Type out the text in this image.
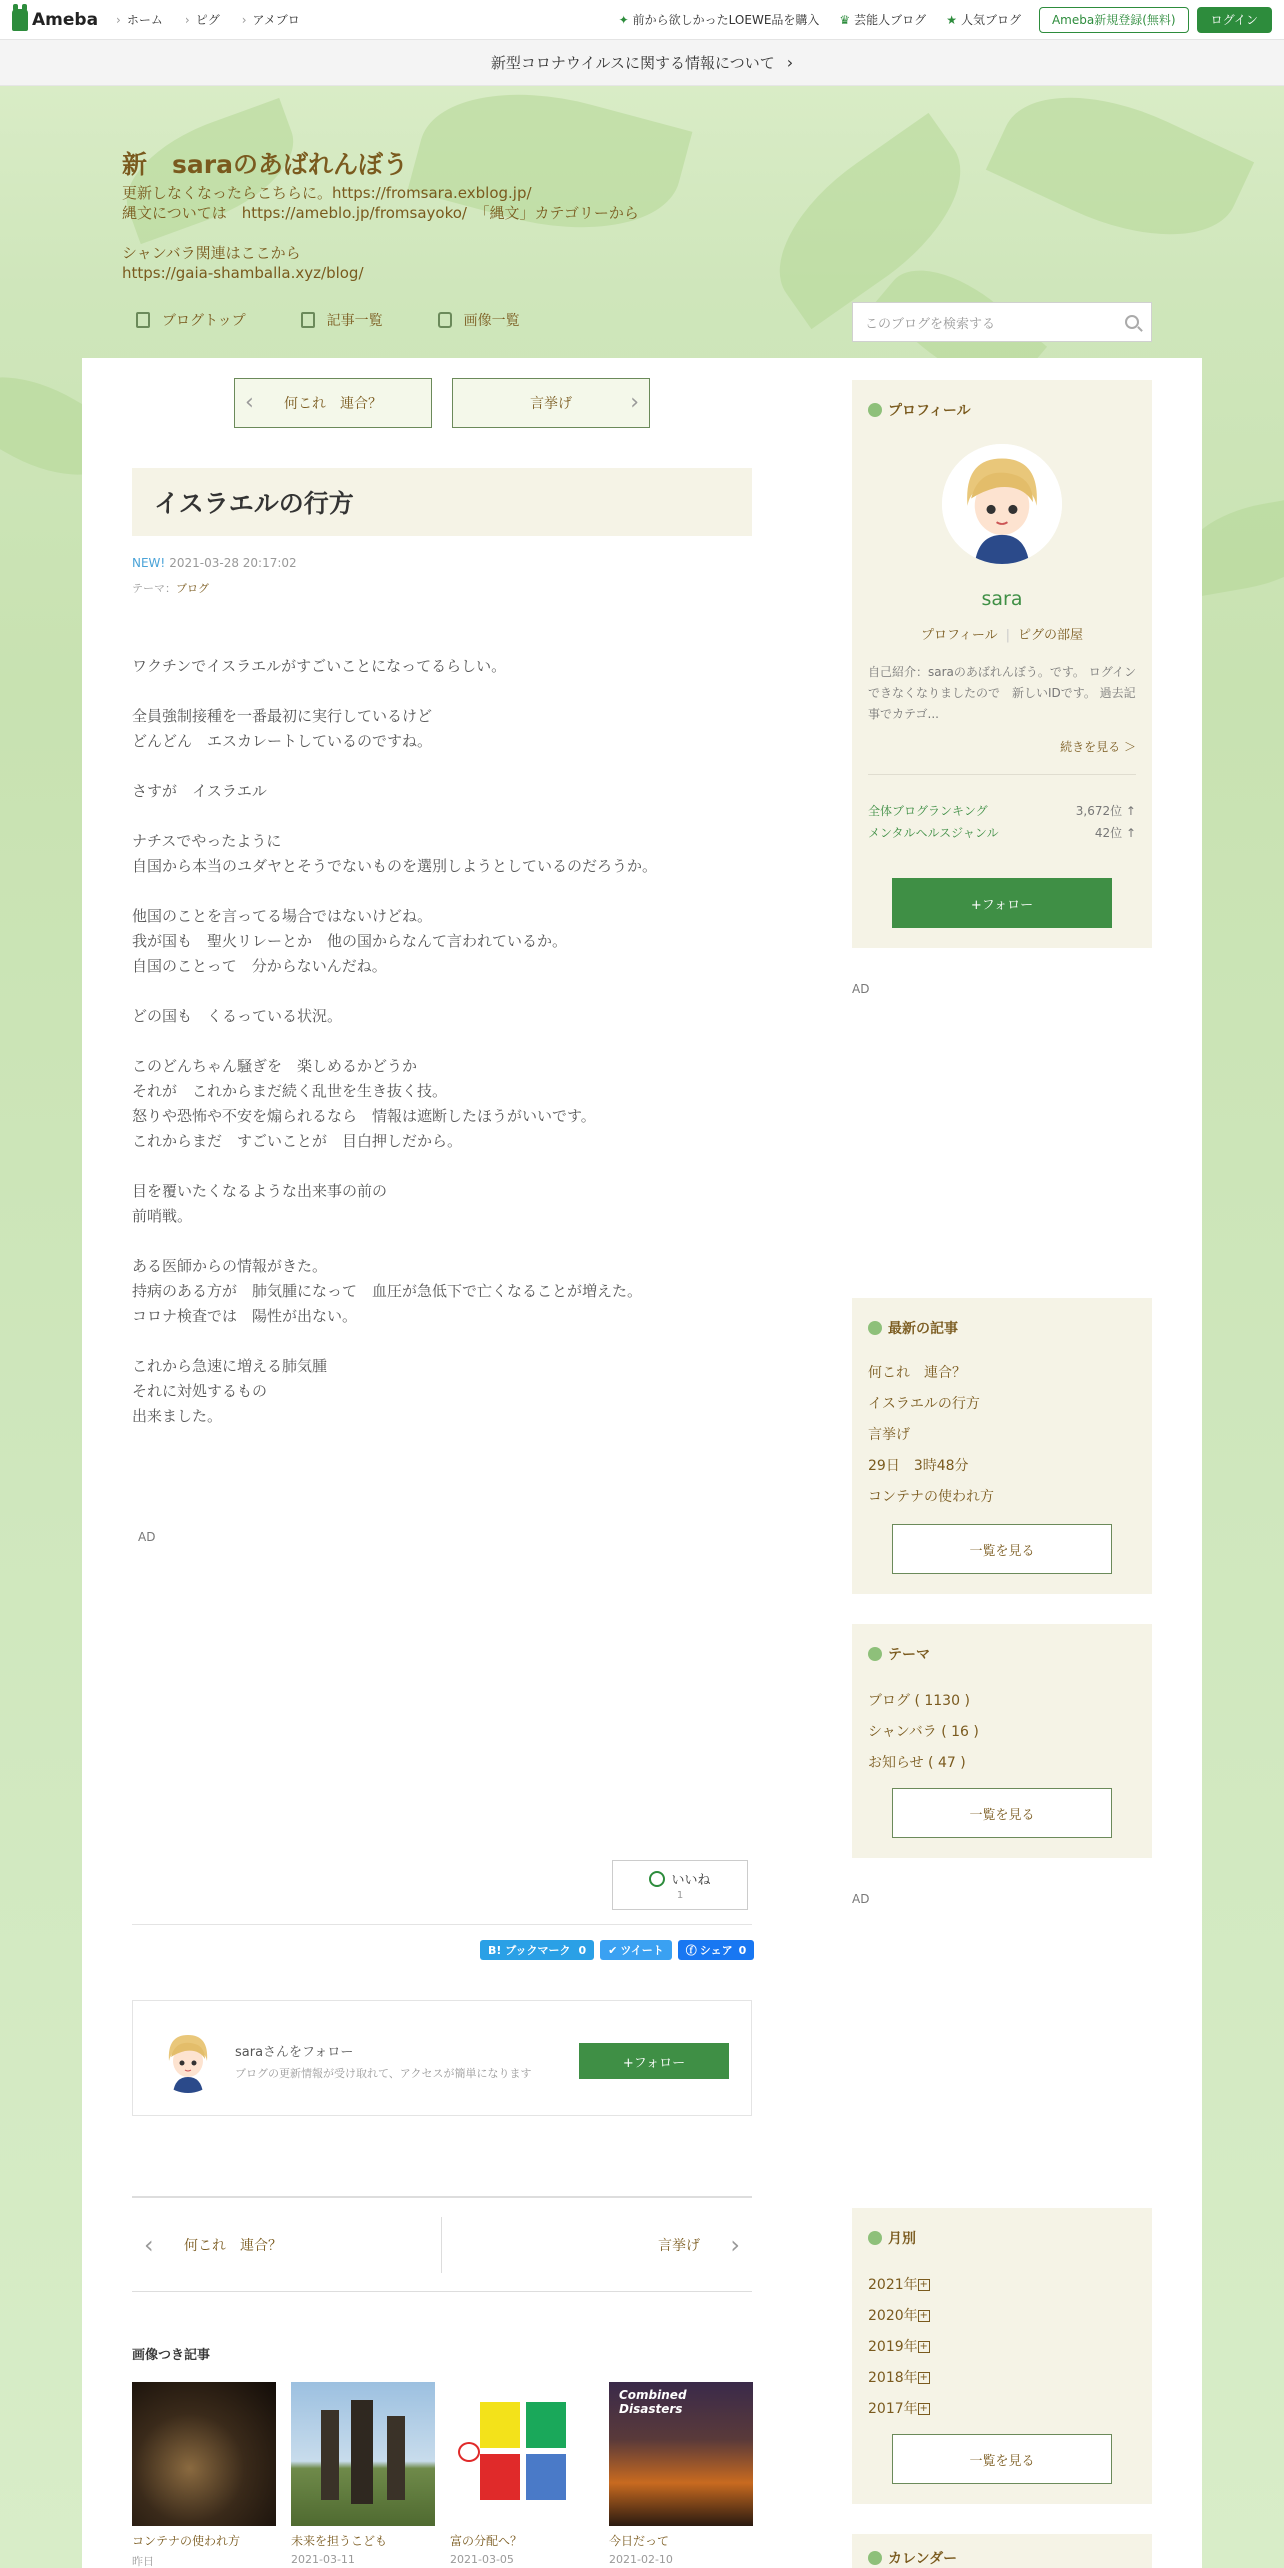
Ameba	› ホーム	› ピグ	› アメブロ	✦ 前から欲しかったLOEWE品を購入 ♛ 芸能人ブログ ★ 人気ブログ	Ameba新規登録(無料)	ログイン
新型コロナウイルスに関する情報について ›
新　saraのあばれんぼう
更新しなくなったらこちらに。https://fromsara.exblog.jp/
縄文については　https://ameblo.jp/fromsayoko/　「縄文」カテゴリーから

シャンバラ関連はここから
https://gaia-shamballa.xyz/blog/
ブログトップ	記事一覧	画像一覧	このブログを検索する
‹ 何これ　連合？	言挙げ	›
イスラエルの行方
NEW! 2021-03-28 20:17:02
テーマ：ブログ
ワクチンでイスラエルがすごいことになってるらしい。

全員強制接種を一番最初に実行しているけど
どんどん　エスカレートしているのですね。

さすが　イスラエル

ナチスでやったように
自国から本当のユダヤとそうでないものを選別しようとしているのだろうか。

他国のことを言ってる場合ではないけどね。
我が国も　聖火リレーとか　他の国からなんて言われているか。
自国のことって　分からないんだね。

どの国も　くるっている状況。

このどんちゃん騒ぎを　楽しめるかどうか
それが　これからまだ続く乱世を生き抜く技。
怒りや恐怖や不安を煽られるなら　情報は遮断したほうがいいです。
これからまだ　すごいことが　目白押しだから。

目を覆いたくなるような出来事の前の
前哨戦。

ある医師からの情報がきた。
持病のある方が　肺気腫になって　血圧が急低下で亡くなることが増えた。
コロナ検査では　陽性が出ない。

これから急速に増える肺気腫
それに対処するもの
出来ました。
AD
いいね
1
B! ブックマーク 0 ✔ ツイート ⓕ シェア 0
saraさんをフォロー
ブログの更新情報が受け取れて、アクセスが簡単になります
+フォロー
‹ 何これ　連合？	言挙げ ›
画像つき記事
コンテナの使われ方
昨日
未来を担うこども
2021-03-11
富の分配へ？
2021-03-05
Combined Disasters
今日だって
2021-02-10
プロフィール
sara
プロフィール | ピグの部屋
自己紹介：saraのあばれんぼう。です。 ログインできなくなりましたので　新しいIDです。 過去記事でカテゴ...
続きを見る ＞
全体ブログランキング	3,672位 ↑
メンタルヘルスジャンル	42位 ↑
+フォロー
AD
最新の記事
何これ　連合？
イスラエルの行方
言挙げ
29日　3時48分
コンテナの使われ方
一覧を見る
テーマ
ブログ ( 1130 )
シャンバラ ( 16 )
お知らせ ( 47 )
一覧を見る
AD
月別
2021年 +
2020年 +
2019年 +
2018年 +
2017年 +
一覧を見る
カレンダー
